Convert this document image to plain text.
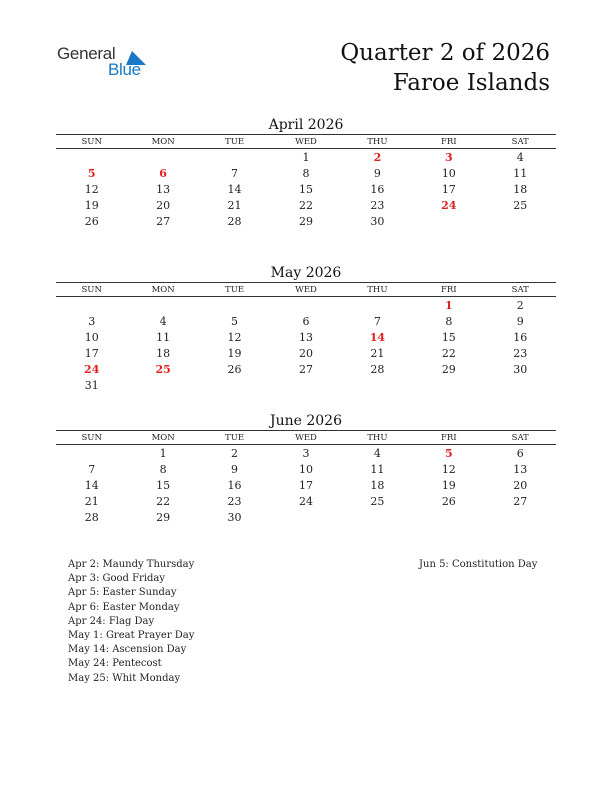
General
Blue
Quarter 2 of 2026
Faroe Islands
April 2026
SUN	MON	TUE	WED	THU	FRI	SAT
			1	2	3	4
5	6	7	8	9	10	11
12	13	14	15	16	17	18
19	20	21	22	23	24	25
26	27	28	29	30		
May 2026
SUN	MON	TUE	WED	THU	FRI	SAT
					1	2
3	4	5	6	7	8	9
10	11	12	13	14	15	16
17	18	19	20	21	22	23
24	25	26	27	28	29	30
31						
June 2026
SUN	MON	TUE	WED	THU	FRI	SAT
	1	2	3	4	5	6
7	8	9	10	11	12	13
14	15	16	17	18	19	20
21	22	23	24	25	26	27
28	29	30				
Apr 2: Maundy Thursday
Apr 3: Good Friday
Apr 5: Easter Sunday
Apr 6: Easter Monday
Apr 24: Flag Day
May 1: Great Prayer Day
May 14: Ascension Day
May 24: Pentecost
May 25: Whit Monday
Jun 5: Constitution Day
